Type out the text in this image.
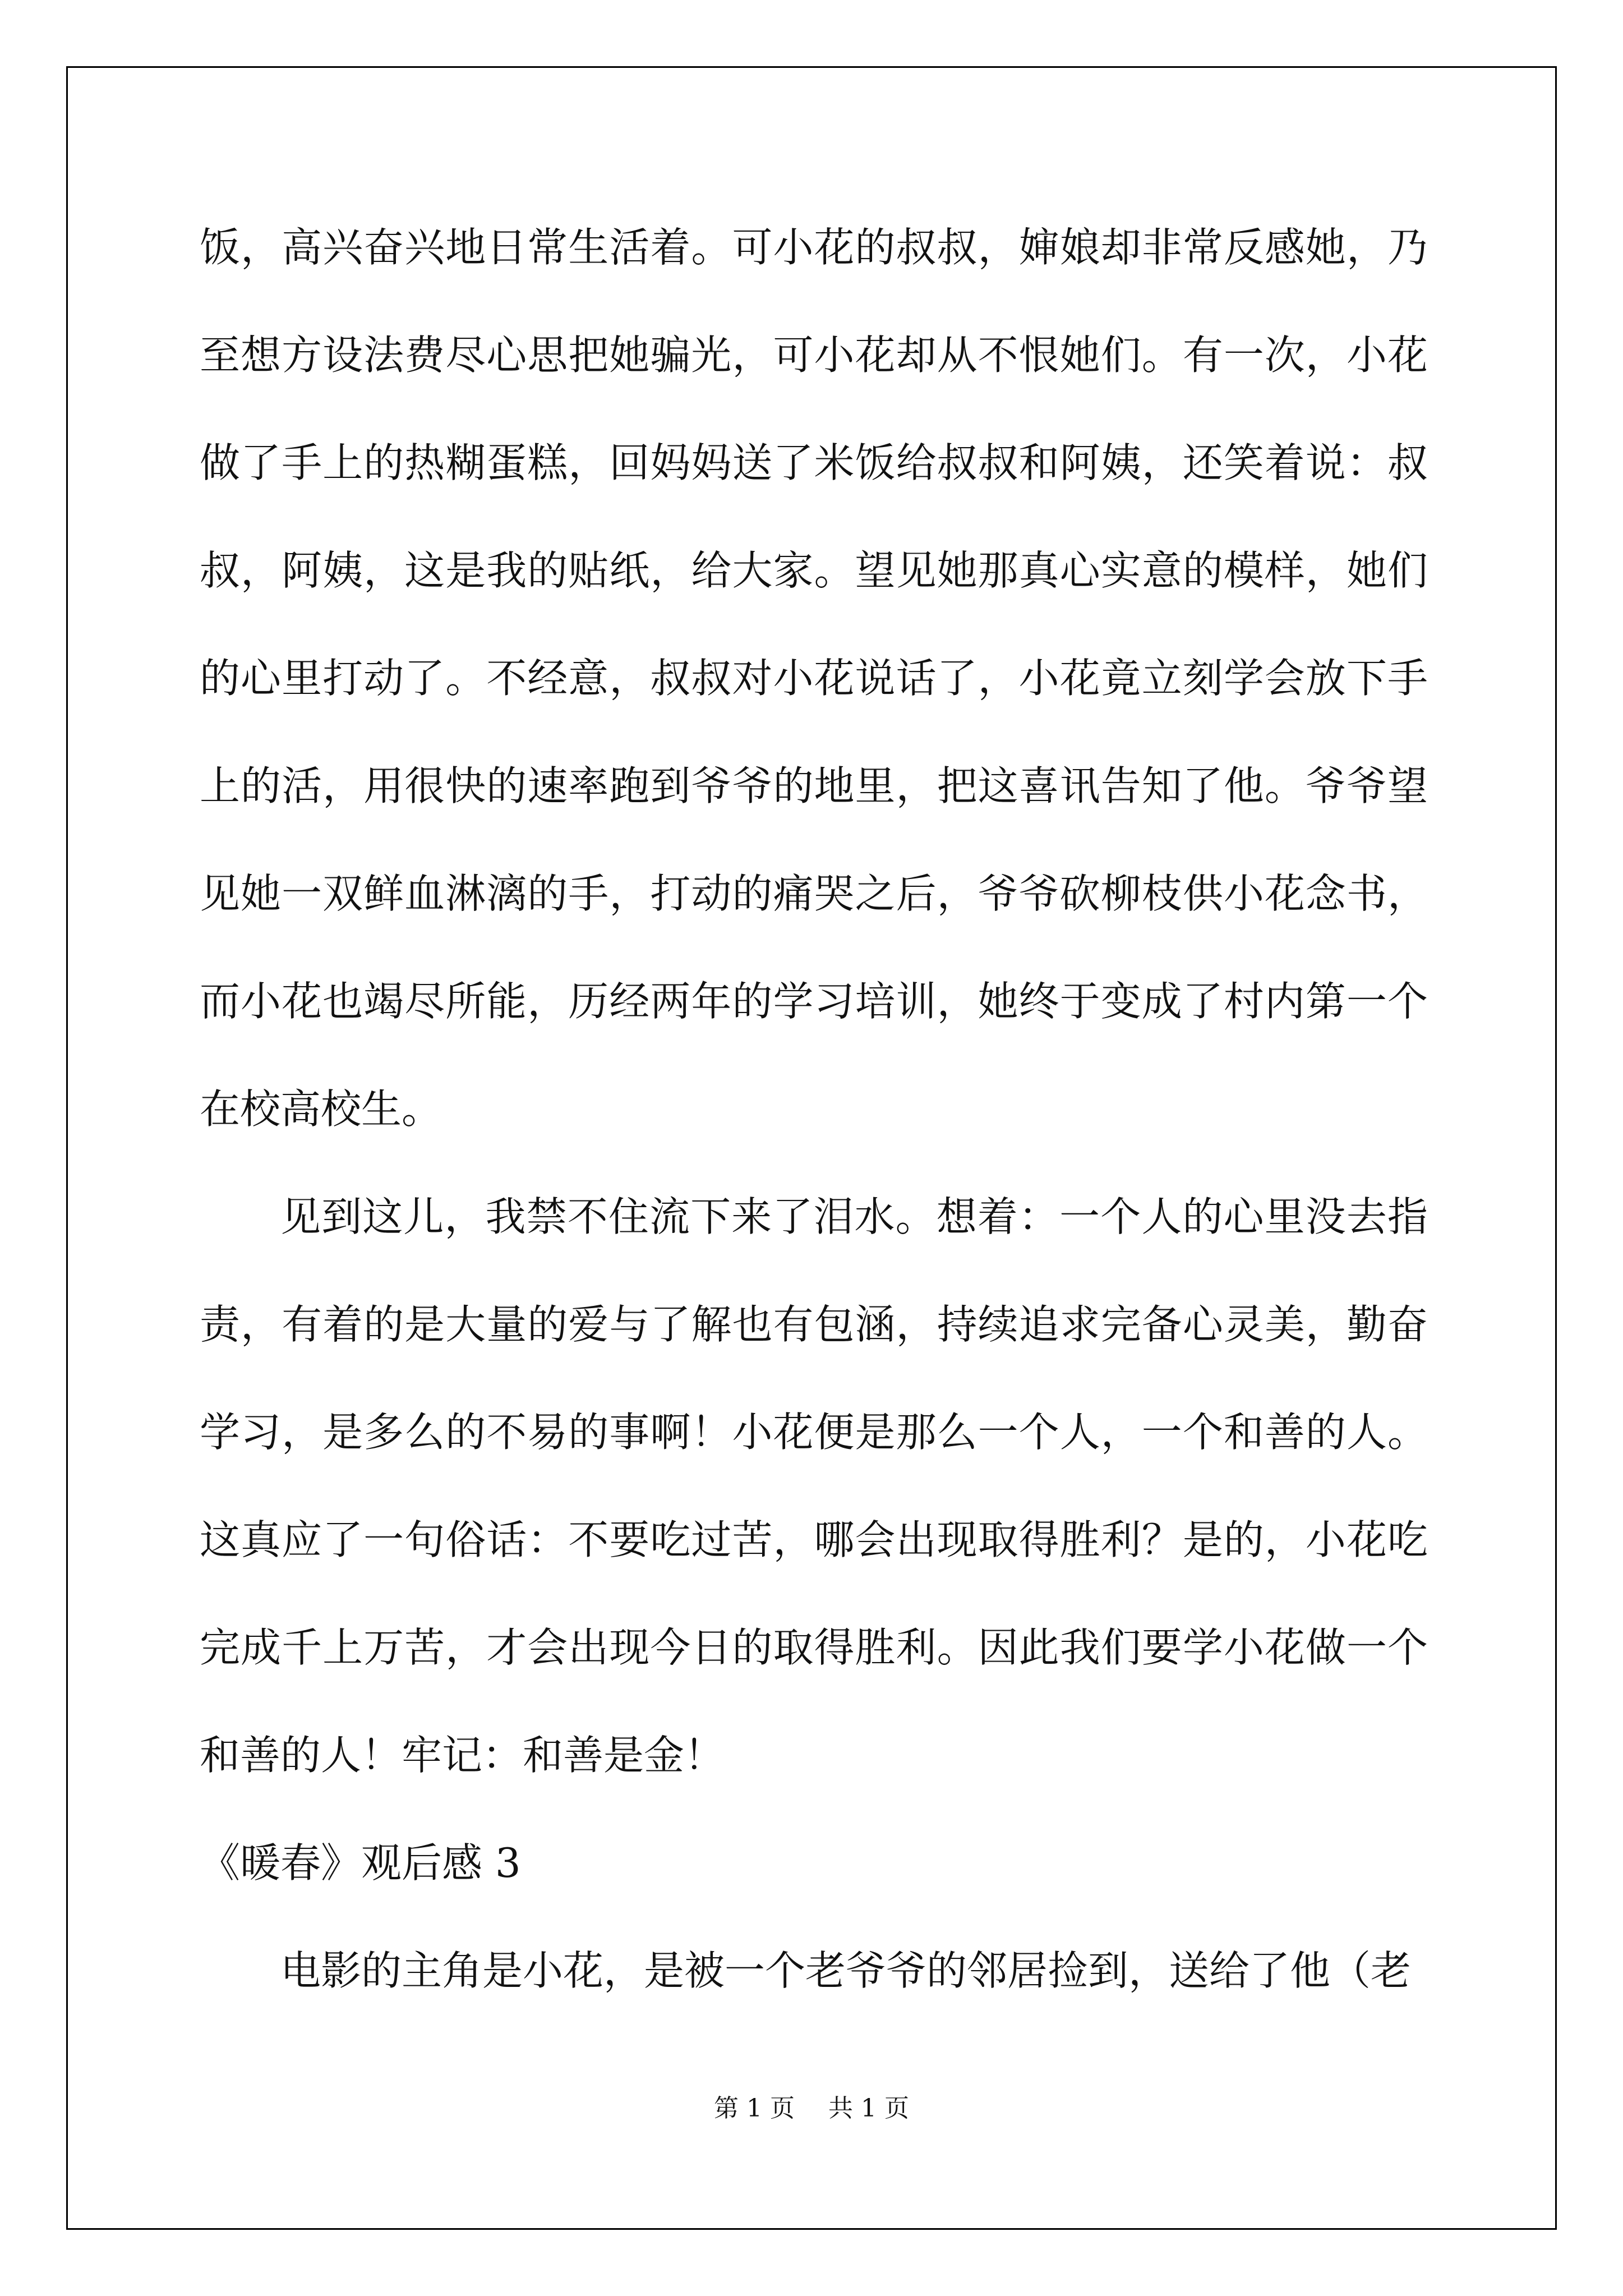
饭，高兴奋兴地日常生活着。可小花的叔叔，婶娘却非常反感她，乃至想方设法费尽心思把她骗光，可小花却从不恨她们。有一次，小花做了手上的热糊蛋糕，回妈妈送了米饭给叔叔和阿姨，还笑着说：叔叔，阿姨，这是我的贴纸，给大家。望见她那真心实意的模样，她们的心里打动了。不经意，叔叔对小花说话了，小花竟立刻学会放下手上的活，用很快的速率跑到爷爷的地里，把这喜讯告知了他。爷爷望见她一双鲜血淋漓的手，打动的痛哭之后，爷爷砍柳枝供小花念书，而小花也竭尽所能，历经两年的学习培训，她终于变成了村内第一个在校高校生。

见到这儿，我禁不住流下来了泪水。想着：一个人的心里没去指责，有着的是大量的爱与了解也有包涵，持续追求完备心灵美，勤奋学习，是多么的不易的事啊！小花便是那么一个人，一个和善的人。这真应了一句俗话：不要吃过苦，哪会出现取得胜利？是的，小花吃完成千上万苦，才会出现今日的取得胜利。因此我们要学小花做一个和善的人！牢记：和善是金！

《暖春》观后感 3

电影的主角是小花，是被一个老爷爷的邻居捡到，送给了他（老

第 1 页 共 1 页
